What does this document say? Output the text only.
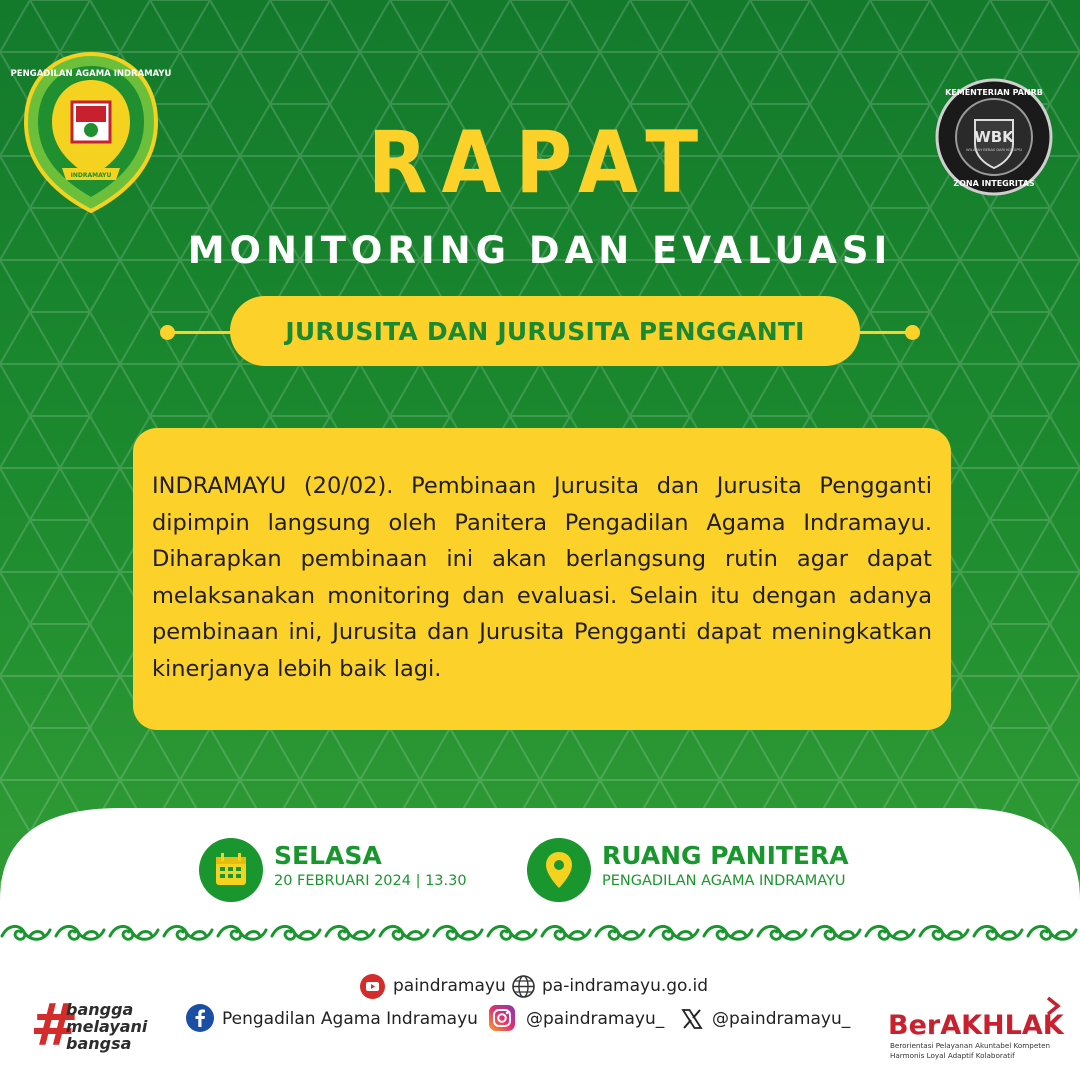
INDRAMAYU
PENGADILAN AGAMA INDRAMAYU
WBK
WILAYAH BEBAS DARI KORUPSI
KEMENTERIAN PANRB
ZONA INTEGRITAS
RAPAT
MONITORING DAN EVALUASI
JURUSITA DAN JURUSITA PENGGANTI

INDRAMAYU (20/02). Pembinaan Jurusita dan Jurusita Pengganti dipimpin langsung oleh Panitera Pengadilan Agama Indramayu. Diharapkan pembinaan ini akan berlangsung rutin agar dapat melaksanakan monitoring dan evaluasi. Selain itu dengan adanya pembinaan ini, Jurusita dan Jurusita Pengganti dapat meningkatkan kinerjanya lebih baik lagi.

SELASA
20 FEBRUARI 2024 | 13.30
RUANG PANITERA
PENGADILAN AGAMA INDRAMAYU
paindramayu pa-indramayu.go.id
Pengadilan Agama Indramayu	@paindramayu_	@paindramayu_
#
bangga
melayani
bangsa
BerAKHLAK
Berorientasi Pelayanan Akuntabel Kompeten
Harmonis Loyal Adaptif Kolaboratif
